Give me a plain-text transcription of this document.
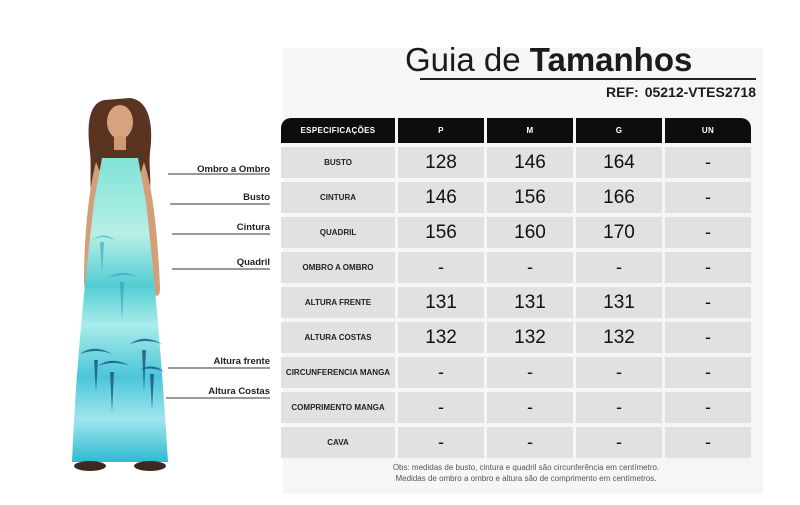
Guia de Tamanhos
REF: 05212-VTES2718
Ombro a Ombro
Busto
Cintura
Quadril
Altura frente
Altura Costas
ESPECIFICAÇÕES	P	M	G	UN
BUSTO	128	146	164	-
CINTURA	146	156	166	-
QUADRIL	156	160	170	-
OMBRO A OMBRO	-	-	-	-
ALTURA FRENTE	131	131	131	-
ALTURA COSTAS	132	132	132	-
CIRCUNFERENCIA MANGA	-	-	-	-
COMPRIMENTO MANGA	-	-	-	-
CAVA	-	-	-	-
Obs: medidas de busto, cintura e quadril são circunferência em centímetro.
Medidas de ombro a ombro e altura são de comprimento em centímetros.
